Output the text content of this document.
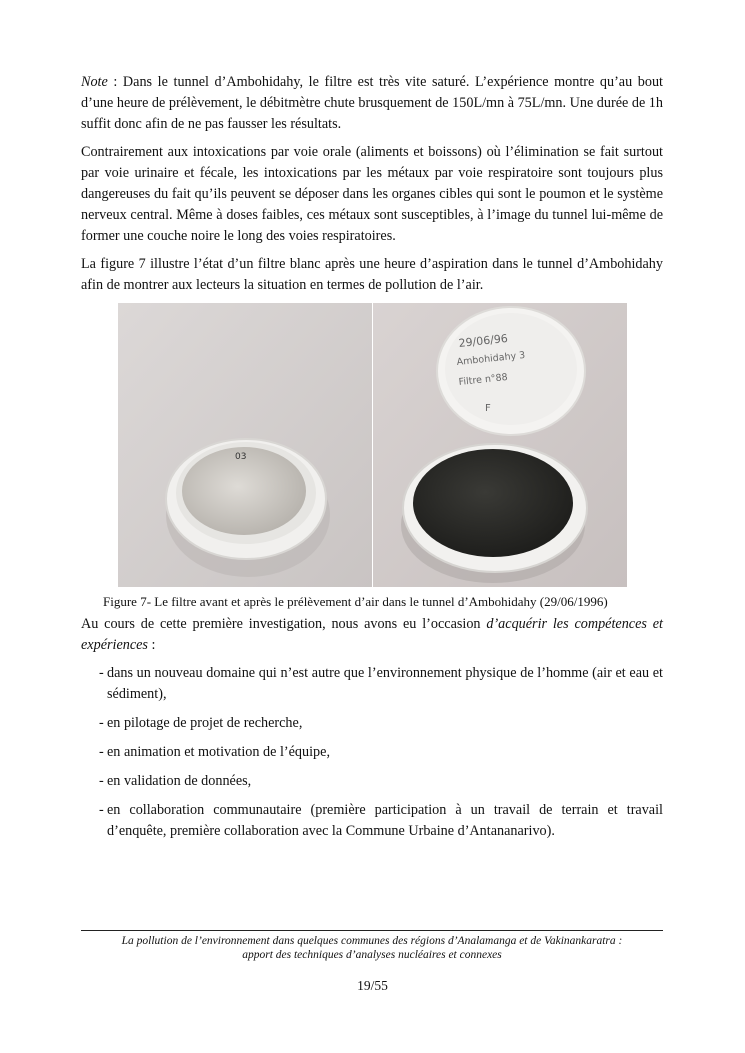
Note : Dans le tunnel d’Ambohidahy, le filtre est très vite saturé. L’expérience montre qu’au bout d’une heure de prélèvement, le débitmètre chute brusquement de 150L/mn à 75L/mn. Une durée de 1h suffit donc afin de ne pas fausser les résultats.

Contrairement aux intoxications par voie orale (aliments et boissons) où l’élimination se fait surtout par voie urinaire et fécale, les intoxications par les métaux par voie respiratoire sont toujours plus dangereuses du fait qu’ils peuvent se déposer dans les organes cibles qui sont le poumon et le système nerveux central. Même à doses faibles, ces métaux sont susceptibles, à l’image du tunnel lui-même de former une couche noire le long des voies respiratoires.

La figure 7 illustre l’état d’un filtre blanc après une heure d’aspiration dans le tunnel d’Ambohidahy afin de montrer aux lecteurs la situation en termes de pollution de l’air.

03
29/06/96
Ambohidahy 3
Filtre n°88
F
Figure 7- Le filtre avant et après le prélèvement d’air dans le tunnel d’Ambohidahy (29/06/1996)

Au cours de cette première investigation, nous avons eu l’occasion d’acquérir les compétences et expériences :

- dans un nouveau domaine qui n’est autre que l’environnement physique de l’homme (air et eau et sédiment),
- en pilotage de projet de recherche,
- en animation et motivation de l’équipe,
- en validation de données,
- en collaboration communautaire (première participation à un travail de terrain et travail d’enquête, première collaboration avec la Commune Urbaine d’Antananarivo).
La pollution de l’environnement dans quelques communes des régions d’Analamanga et de Vakinankaratra :
apport des techniques d’analyses nucléaires et connexes
19/55
